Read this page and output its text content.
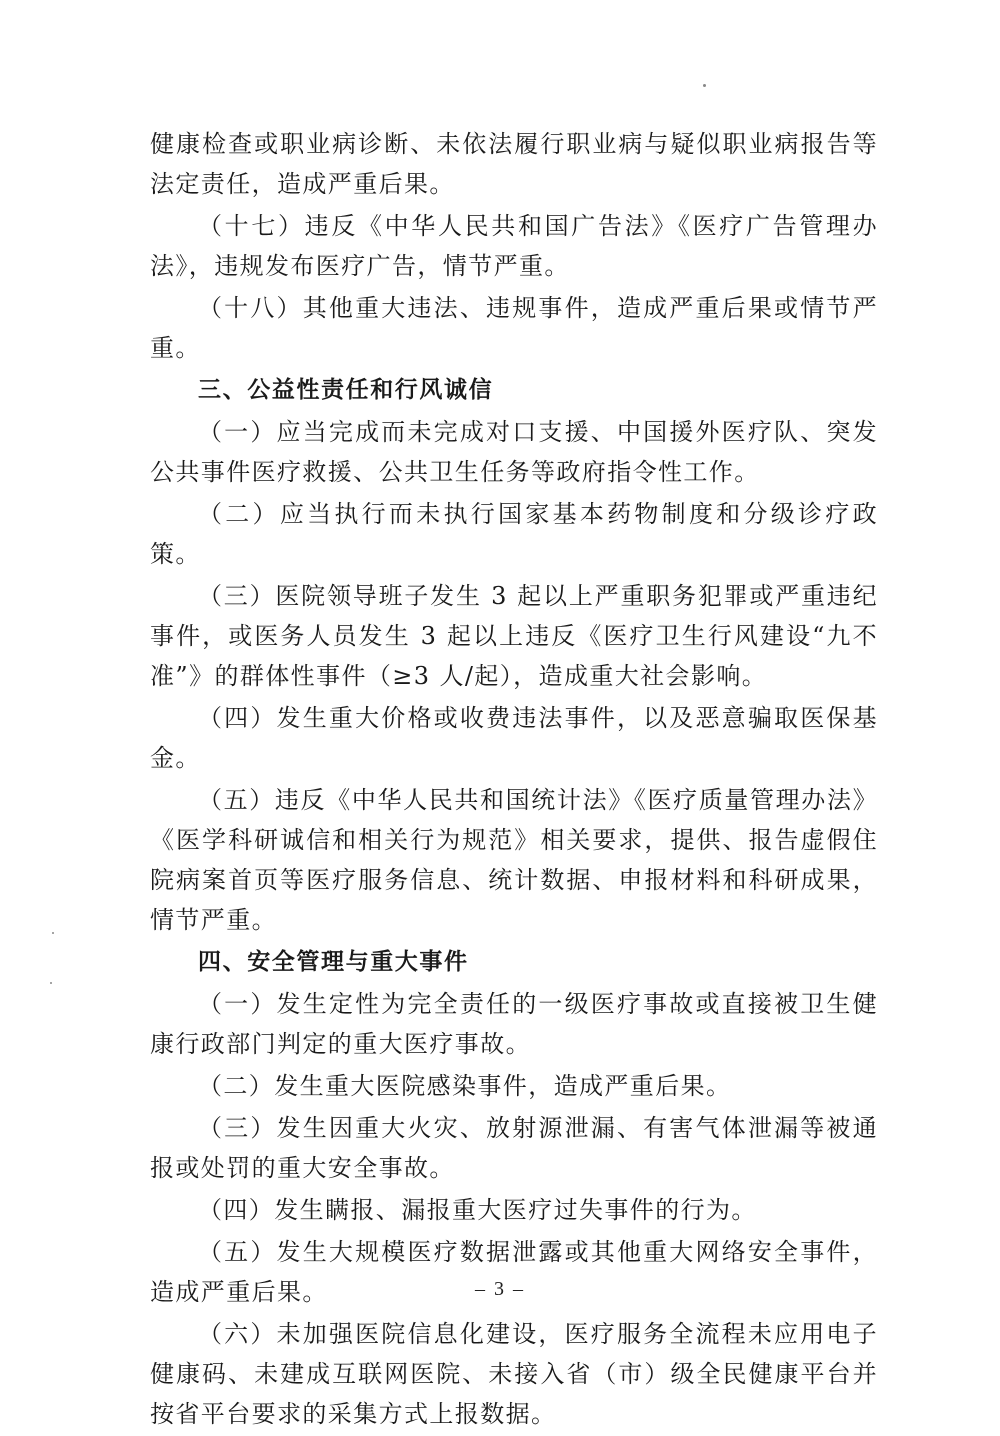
健康检查或职业病诊断、未依法履行职业病与疑似职业病报告等法定责任，造成严重后果。

（十七）违反《中华人民共和国广告法》《医疗广告管理办法》，违规发布医疗广告，情节严重。

（十八）其他重大违法、违规事件，造成严重后果或情节严重。

三、公益性责任和行风诚信

（一）应当完成而未完成对口支援、中国援外医疗队、突发公共事件医疗救援、公共卫生任务等政府指令性工作。

（二）应当执行而未执行国家基本药物制度和分级诊疗政策。

（三）医院领导班子发生 3 起以上严重职务犯罪或严重违纪事件，或医务人员发生 3 起以上违反《医疗卫生行风建设“九不准”》的群体性事件（≥3 人/起），造成重大社会影响。

（四）发生重大价格或收费违法事件，以及恶意骗取医保基金。

（五）违反《中华人民共和国统计法》《医疗质量管理办法》《医学科研诚信和相关行为规范》相关要求，提供、报告虚假住院病案首页等医疗服务信息、统计数据、申报材料和科研成果，情节严重。

四、安全管理与重大事件

（一）发生定性为完全责任的一级医疗事故或直接被卫生健康行政部门判定的重大医疗事故。

（二）发生重大医院感染事件，造成严重后果。

（三）发生因重大火灾、放射源泄漏、有害气体泄漏等被通报或处罚的重大安全事故。

（四）发生瞒报、漏报重大医疗过失事件的行为。

（五）发生大规模医疗数据泄露或其他重大网络安全事件，造成严重后果。

（六）未加强医院信息化建设，医疗服务全流程未应用电子健康码、未建成互联网医院、未接入省（市）级全民健康平台并按省平台要求的采集方式上报数据。

– 3 –
